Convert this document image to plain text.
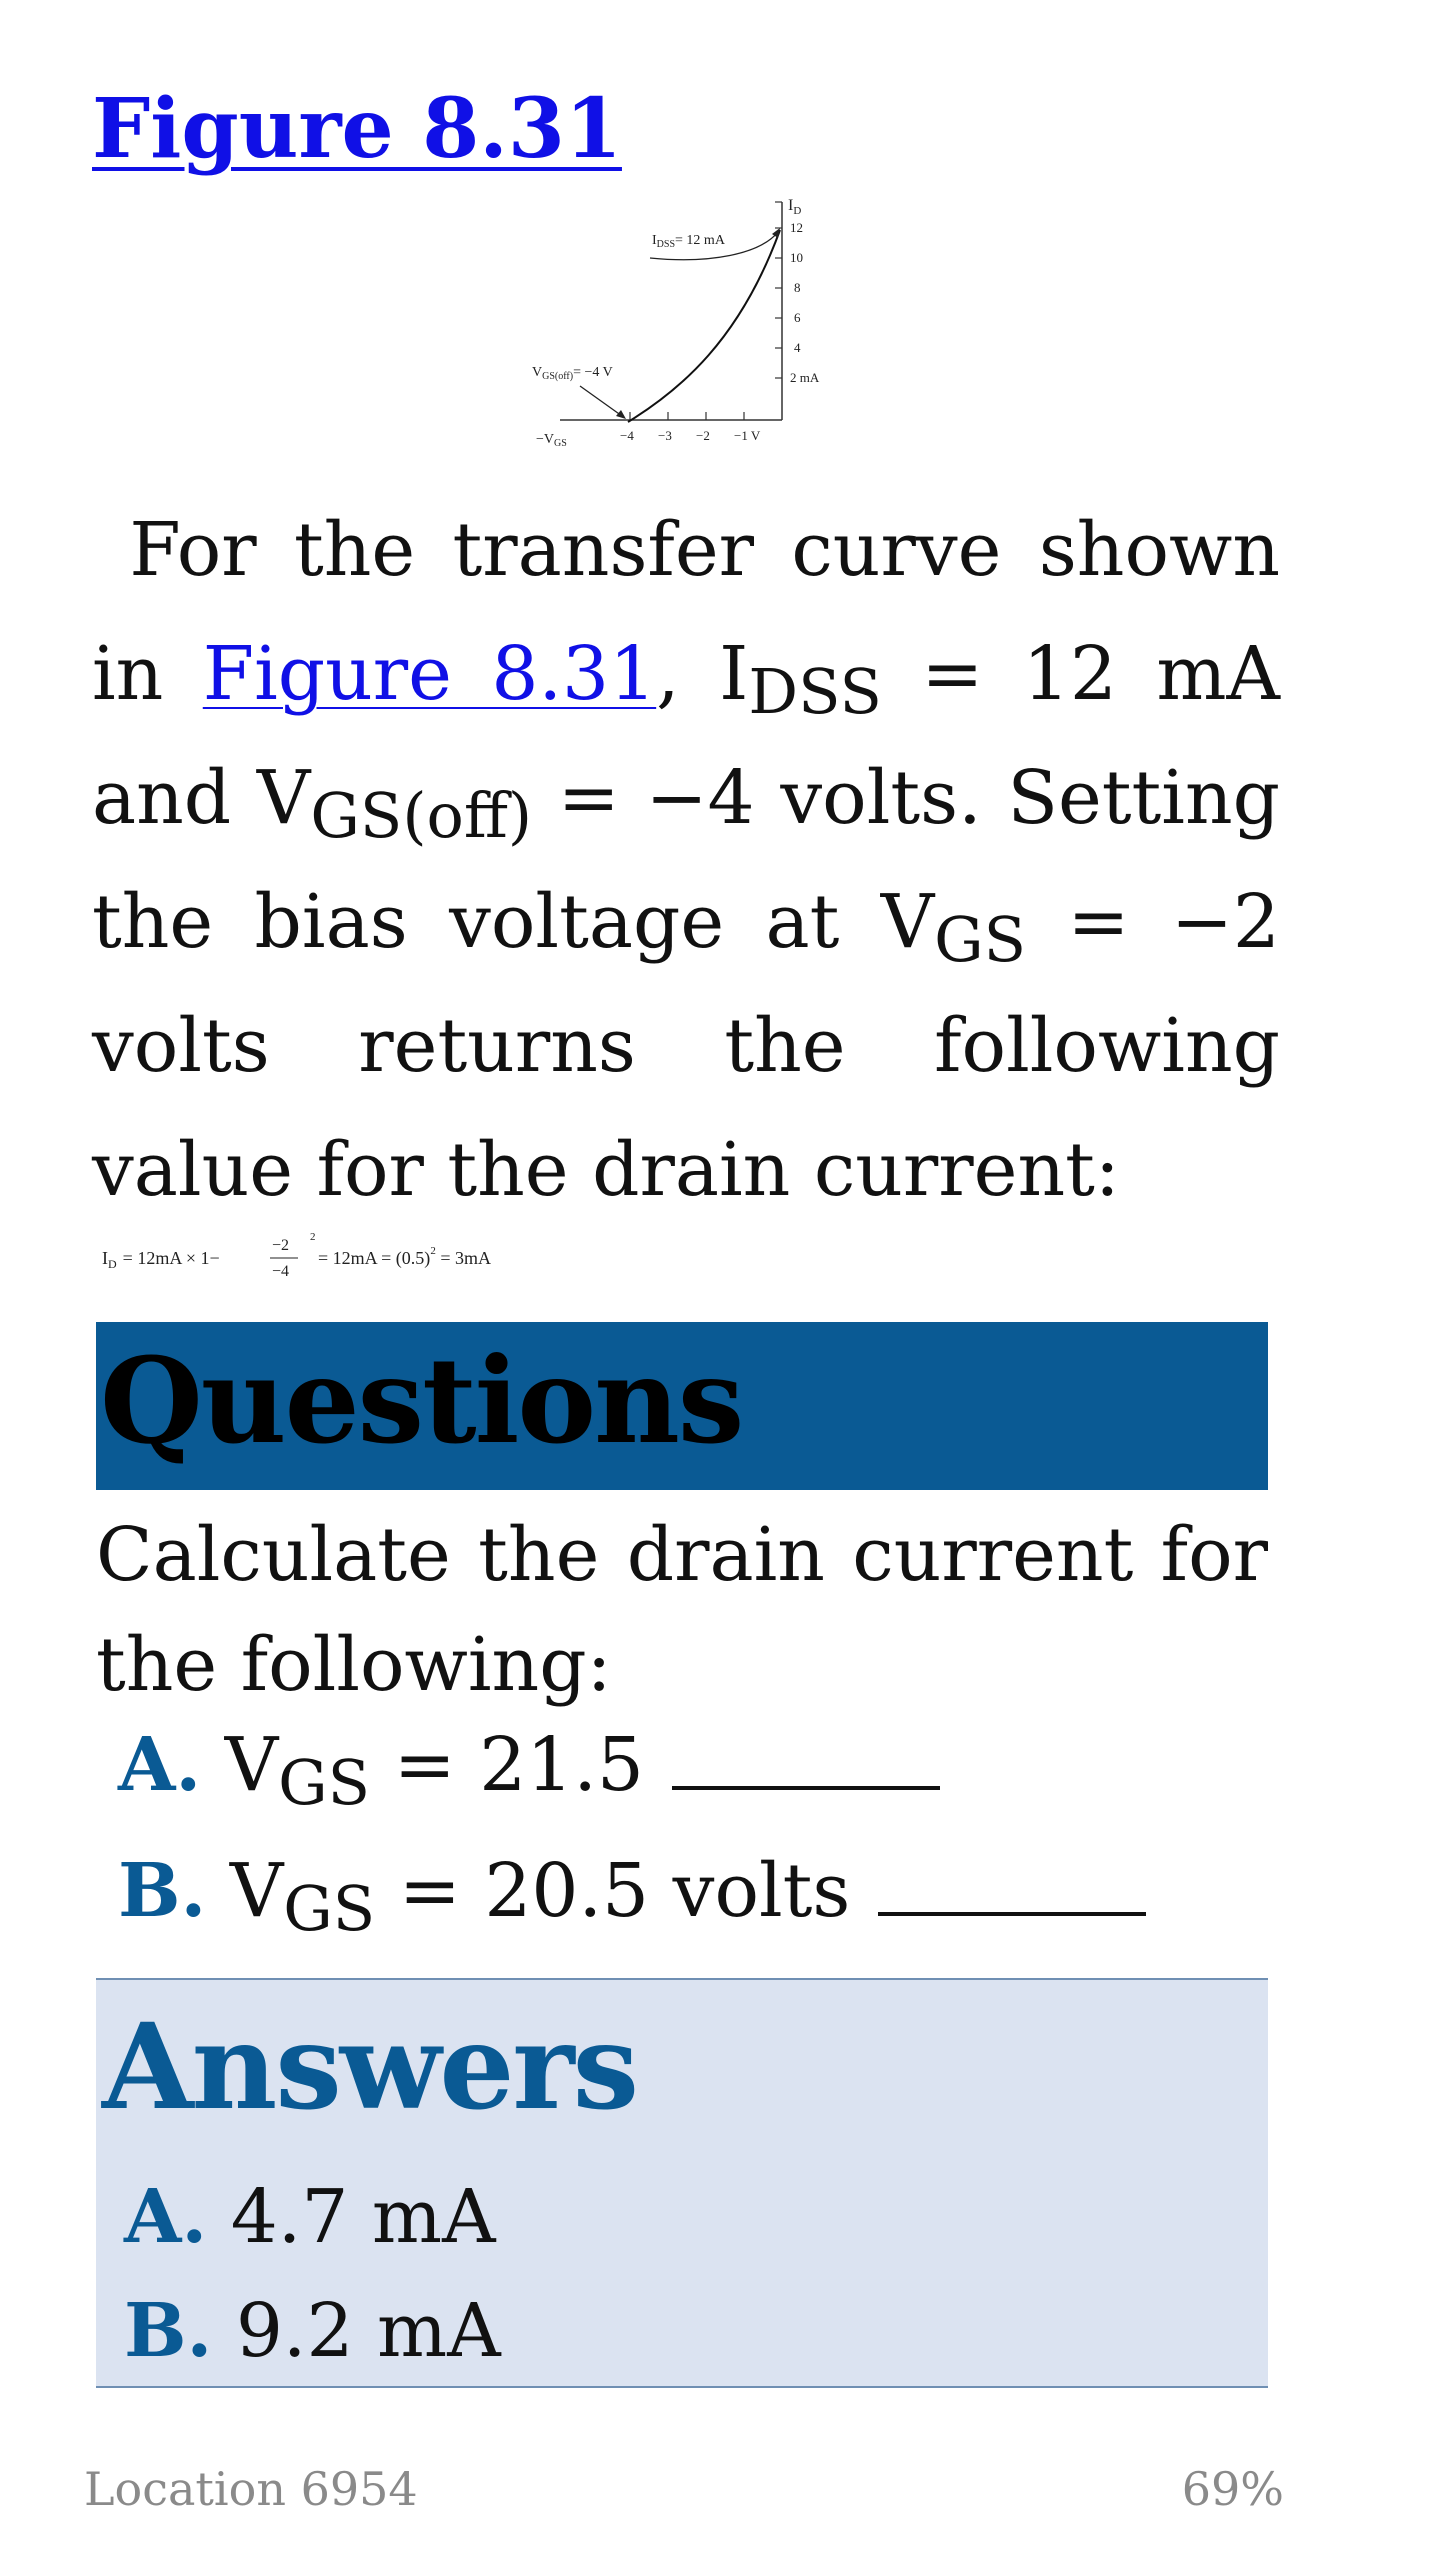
Figure 8.31
$I_D$
$I_{DSS}= 12$ mA
$V_{GS(off)}= -4$ V
$-V_{GS}$
12
10
8
6
4
2 mA
−4 −3 −2 −1 V
For the transfer curve shown in Figure 8.31, $I_{DSS} = 12$ mA and $V_{GS(off)} = -4$ volts. Setting the bias voltage at $V_{GS} = -2$ volts returns the following value for the drain current:
$I_D = 12mA \times 1-$
−2
−4
2
= $12mA = (0.5)^2 = 3mA$
Questions
Calculate the drain current for the following:
A. $V_{GS} = 21.5$
B. $V_{GS} = 20.5$ volts
Answers
A. 4.7 mA
B. 9.2 mA
Location 6954	69%
